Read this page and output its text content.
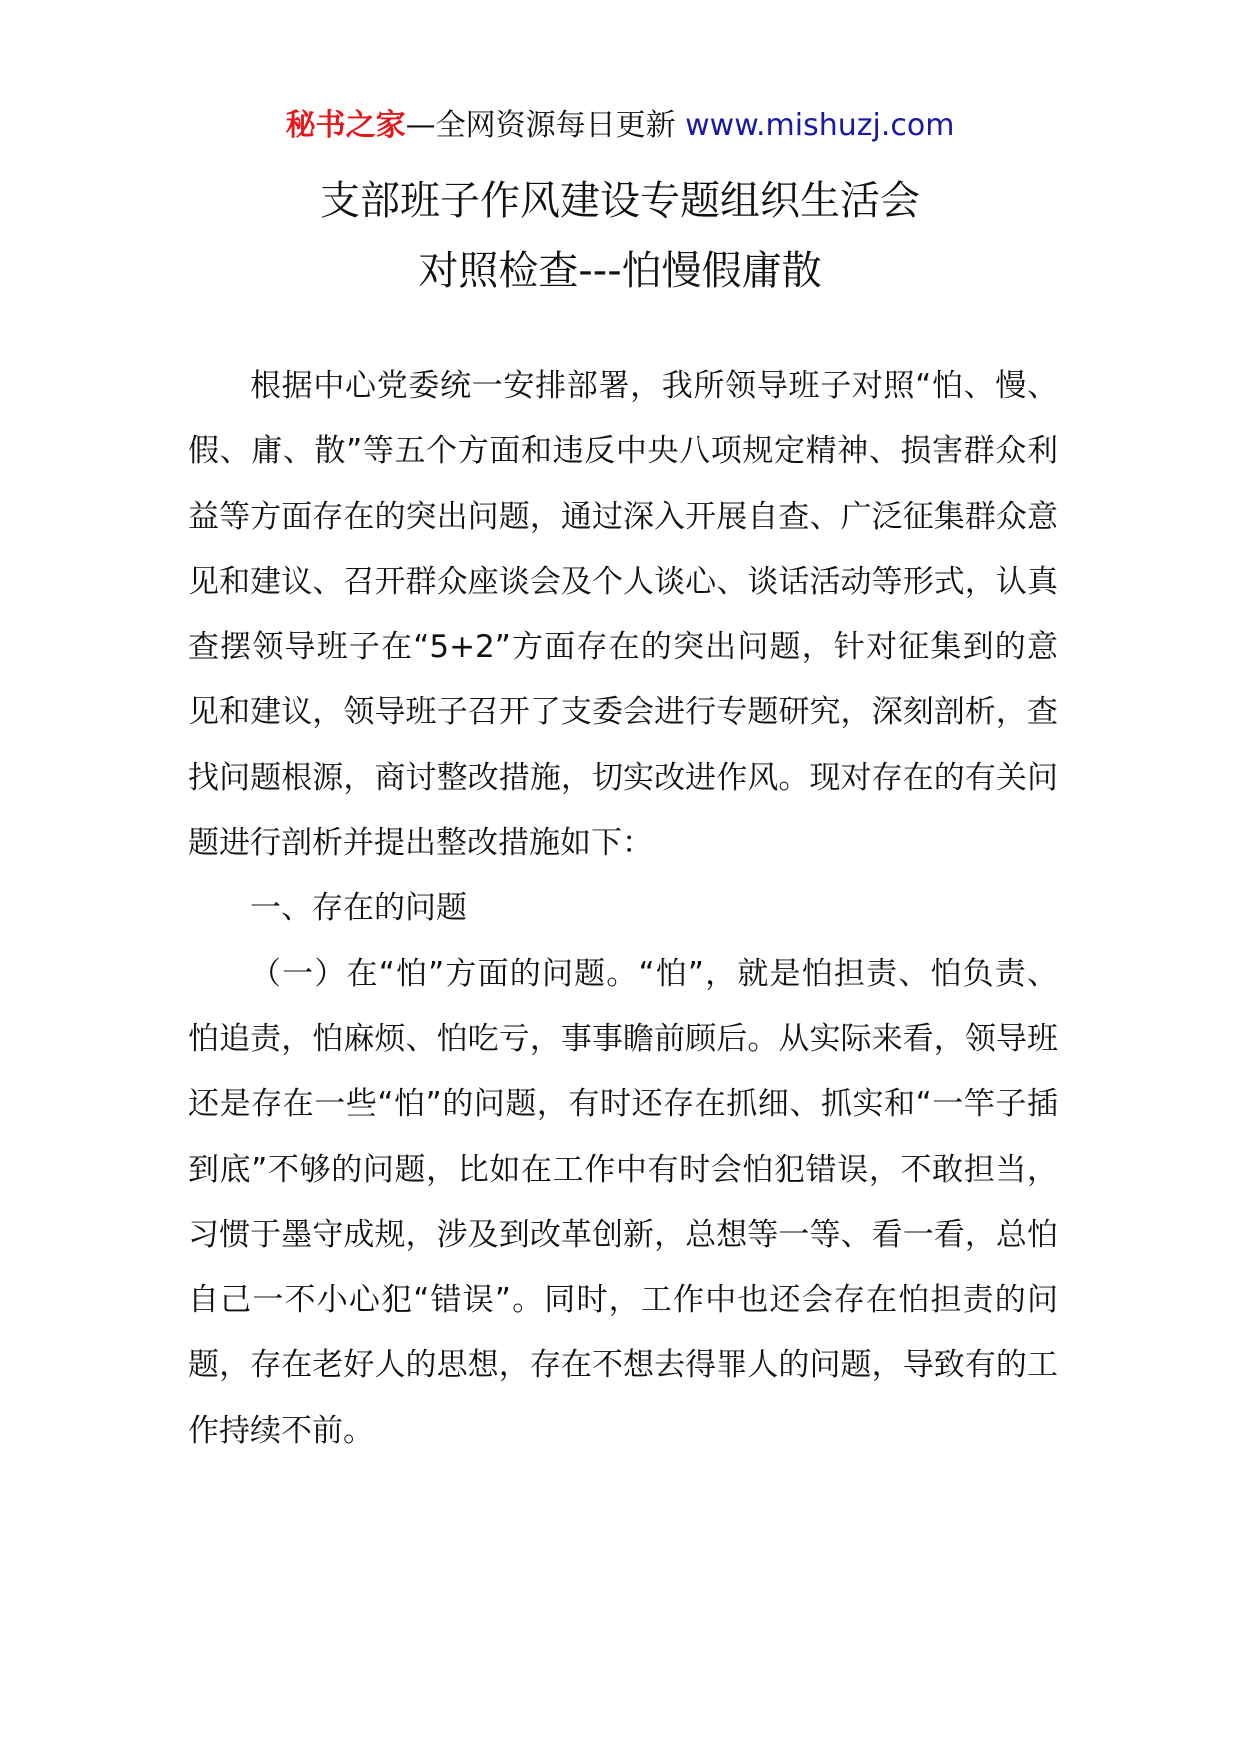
秘书之家—全网资源每日更新 www.mishuzj.com
支部班子作风建设专题组织生活会
对照检查---怕慢假庸散

根据中心党委统一安排部署，我所领导班子对照“怕、慢、假、庸、散”等五个方面和违反中央八项规定精神、损害群众利益等方面存在的突出问题，通过深入开展自查、广泛征集群众意见和建议、召开群众座谈会及个人谈心、谈话活动等形式，认真查摆领导班子在“5+2”方面存在的突出问题，针对征集到的意见和建议，领导班子召开了支委会进行专题研究，深刻剖析，查找问题根源，商讨整改措施，切实改进作风。现对存在的有关问题进行剖析并提出整改措施如下：

一、存在的问题

（一）在“怕”方面的问题。“怕”，就是怕担责、怕负责、怕追责，怕麻烦、怕吃亏，事事瞻前顾后。从实际来看，领导班还是存在一些“怕”的问题，有时还存在抓细、抓实和“一竿子插到底”不够的问题，比如在工作中有时会怕犯错误，不敢担当，习惯于墨守成规，涉及到改革创新，总想等一等、看一看，总怕自己一不小心犯“错误”。同时，工作中也还会存在怕担责的问题，存在老好人的思想，存在不想去得罪人的问题，导致有的工作持续不前。
